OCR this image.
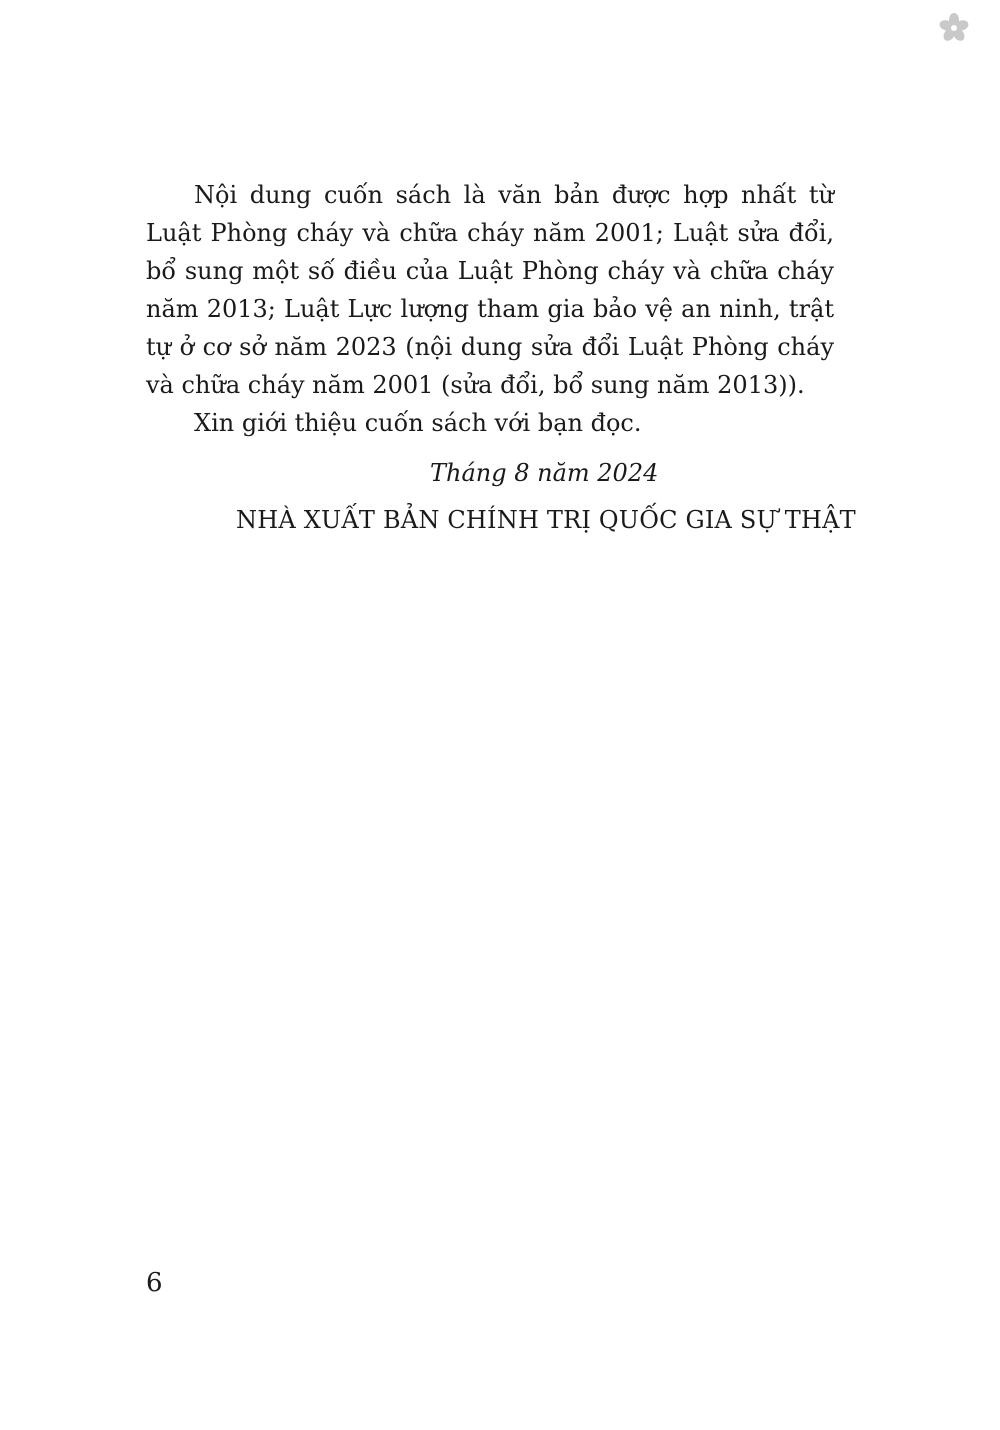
Nội dung cuốn sách là văn bản được hợp nhất từ Luật Phòng cháy và chữa cháy năm 2001; Luật sửa đổi, bổ sung một số điều của Luật Phòng cháy và chữa cháy năm 2013; Luật Lực lượng tham gia bảo vệ an ninh, trật tự ở cơ sở năm 2023 (nội dung sửa đổi Luật Phòng cháy và chữa cháy năm 2001 (sửa đổi, bổ sung năm 2013)).

Xin giới thiệu cuốn sách với bạn đọc.

Tháng 8 năm 2024
NHÀ XUẤT BẢN CHÍNH TRỊ QUỐC GIA SỰ THẬT
6
